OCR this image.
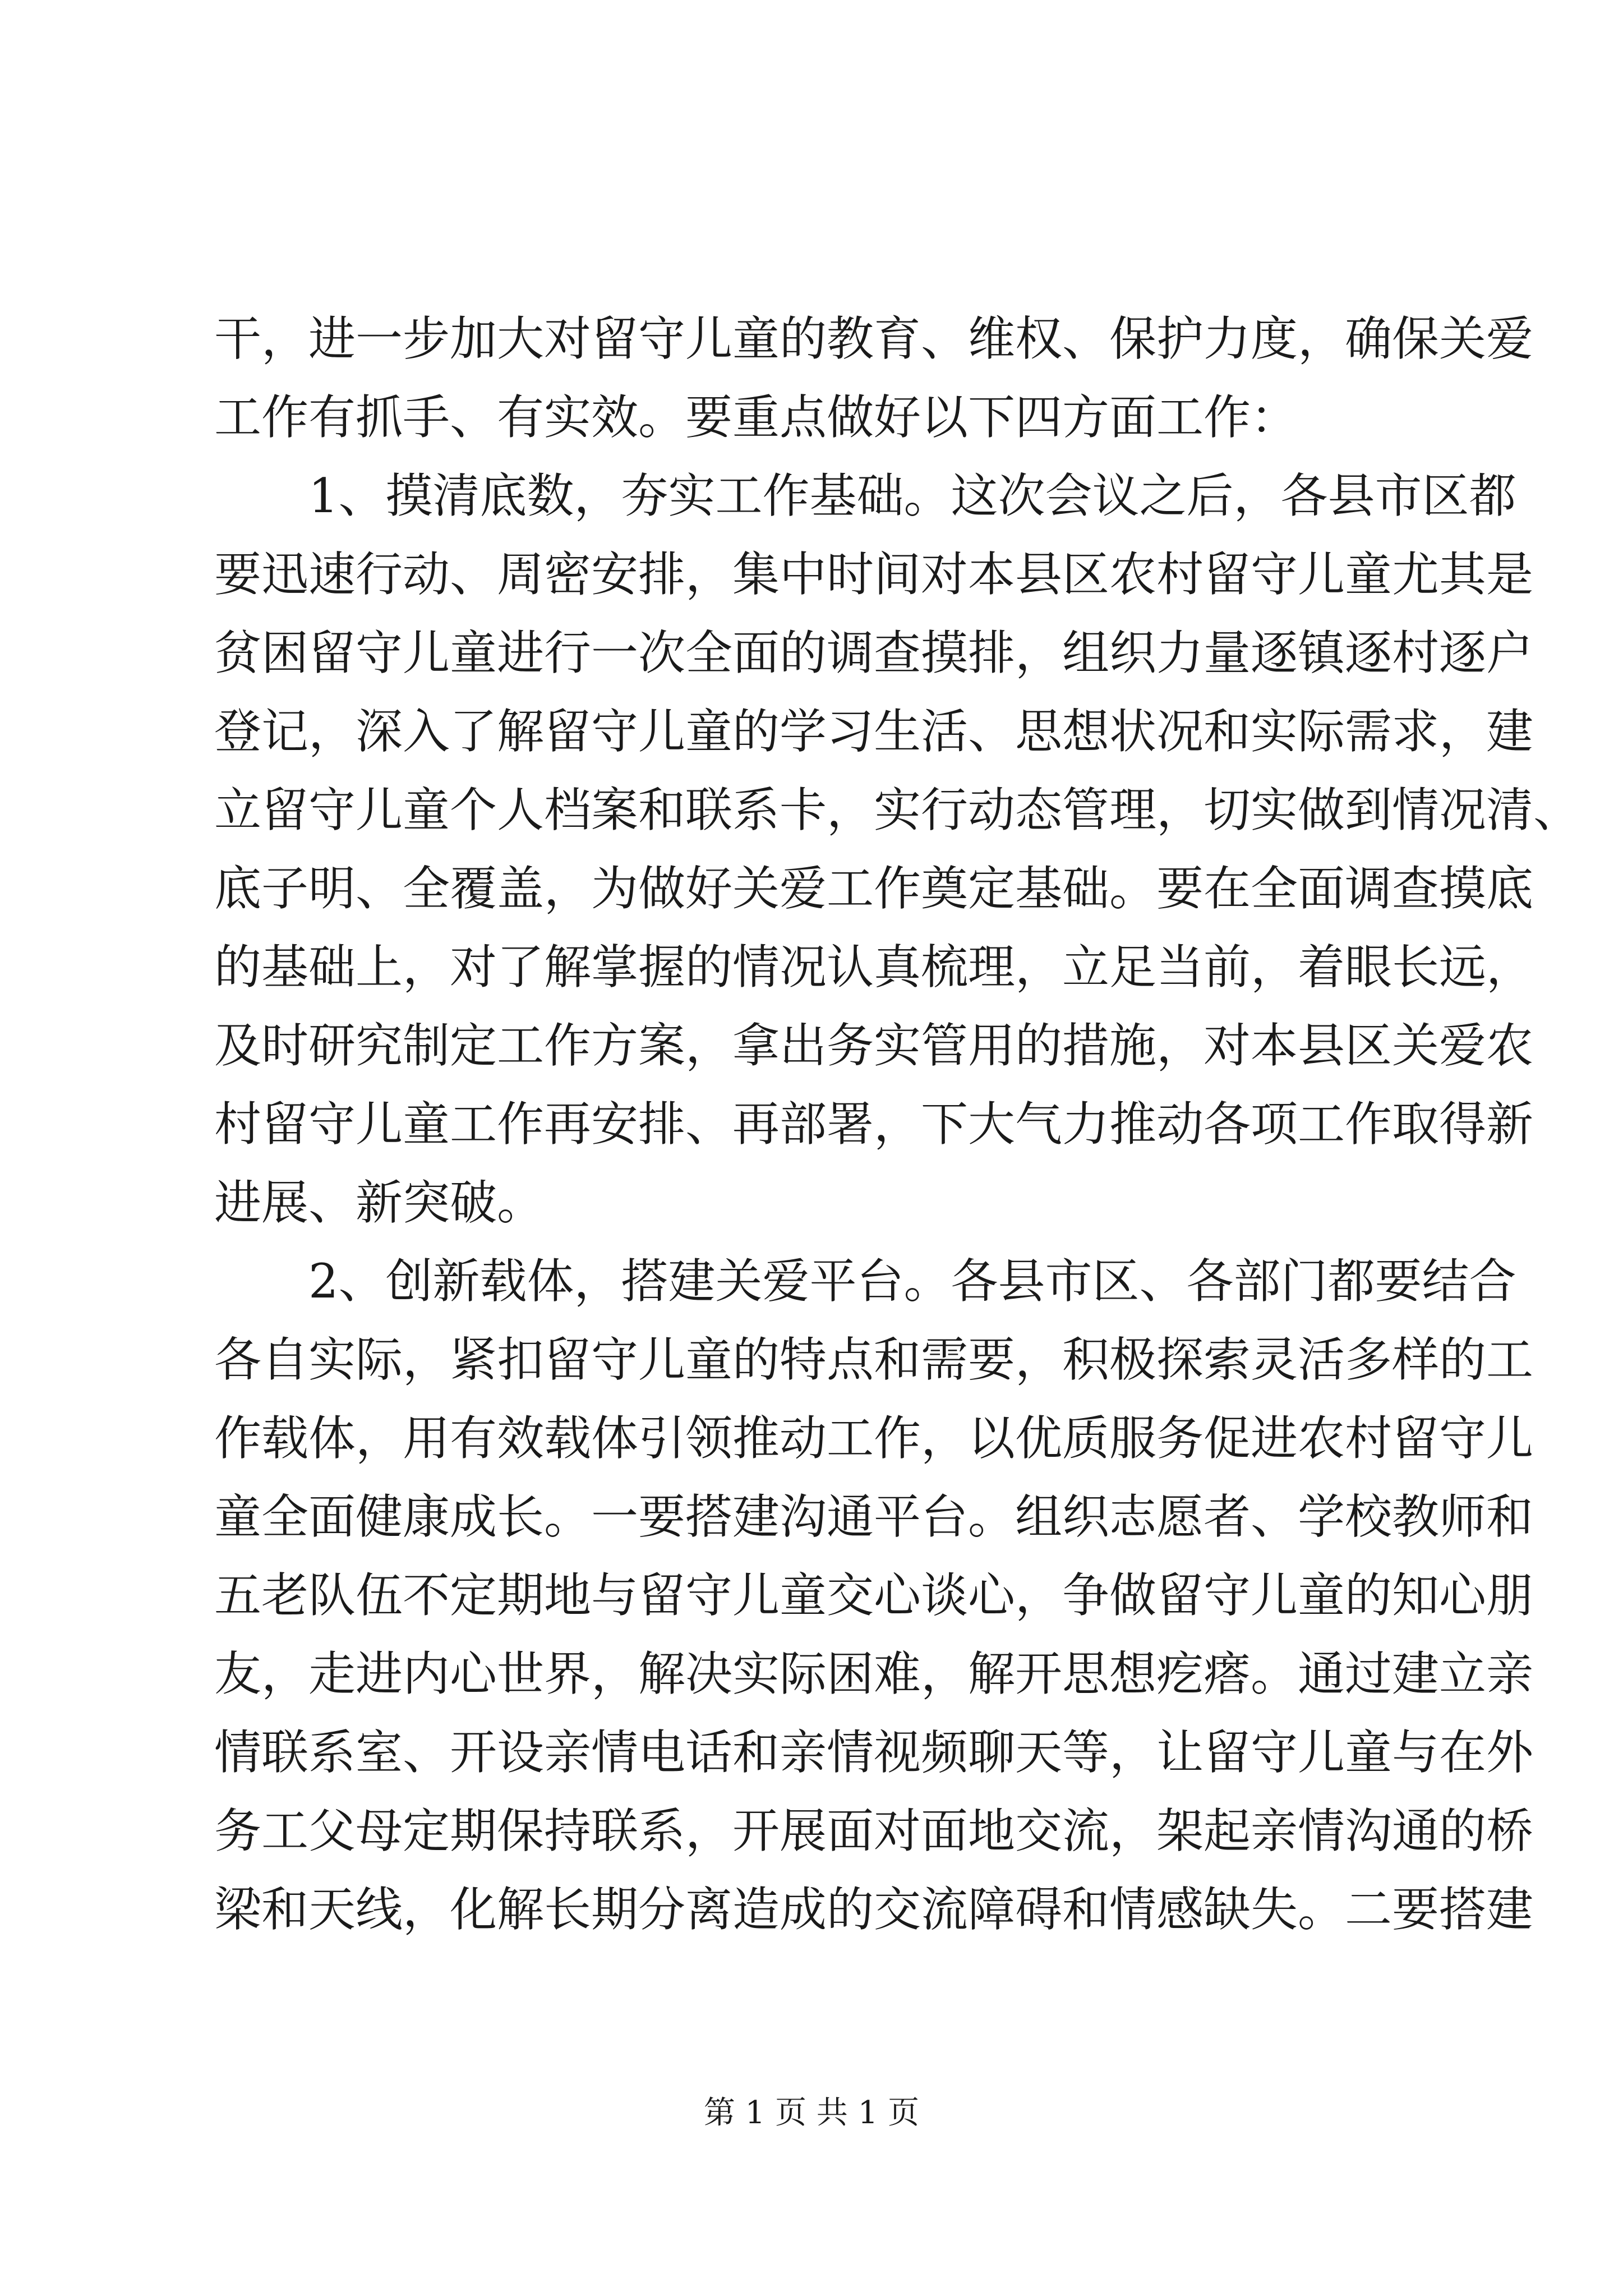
干，进一步加大对留守儿童的教育、维权、保护力度，确保关爱
工作有抓手、有实效。要重点做好以下四方面工作：
1、摸清底数，夯实工作基础。这次会议之后，各县市区都
要迅速行动、周密安排，集中时间对本县区农村留守儿童尤其是
贫困留守儿童进行一次全面的调查摸排，组织力量逐镇逐村逐户
登记，深入了解留守儿童的学习生活、思想状况和实际需求，建
立留守儿童个人档案和联系卡，实行动态管理，切实做到情况清、
底子明、全覆盖，为做好关爱工作奠定基础。要在全面调查摸底
的基础上，对了解掌握的情况认真梳理，立足当前，着眼长远，
及时研究制定工作方案，拿出务实管用的措施，对本县区关爱农
村留守儿童工作再安排、再部署，下大气力推动各项工作取得新
进展、新突破。
2、创新载体，搭建关爱平台。各县市区、各部门都要结合
各自实际，紧扣留守儿童的特点和需要，积极探索灵活多样的工
作载体，用有效载体引领推动工作，以优质服务促进农村留守儿
童全面健康成长。一要搭建沟通平台。组织志愿者、学校教师和
五老队伍不定期地与留守儿童交心谈心，争做留守儿童的知心朋
友，走进内心世界，解决实际困难，解开思想疙瘩。通过建立亲
情联系室、开设亲情电话和亲情视频聊天等，让留守儿童与在外
务工父母定期保持联系，开展面对面地交流，架起亲情沟通的桥
梁和天线，化解长期分离造成的交流障碍和情感缺失。二要搭建
第 1 页 共 1 页
